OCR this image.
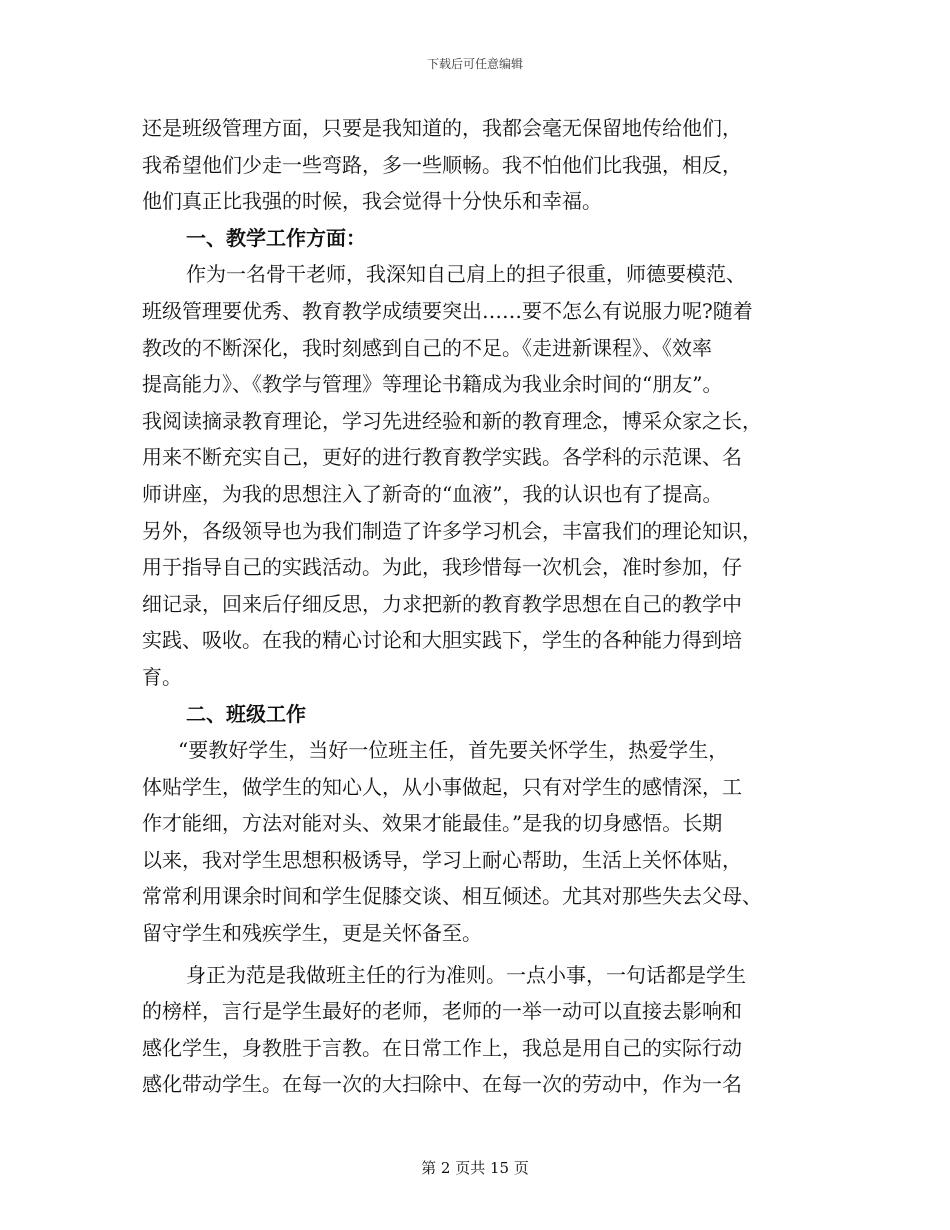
下载后可任意编辑
还是班级管理方面，只要是我知道的，我都会毫无保留地传给他们，
我希望他们少走一些弯路，多一些顺畅。我不怕他们比我强，相反，
他们真正比我强的时候，我会觉得十分快乐和幸福。
一、教学工作方面：
作为一名骨干老师，我深知自己肩上的担子很重，师德要模范、
班级管理要优秀、教育教学成绩要突出……要不怎么有说服力呢?随着
教改的不断深化，我时刻感到自己的不足。《走进新课程》、《效率
提高能力》、《教学与管理》等理论书籍成为我业余时间的“朋友”。
我阅读摘录教育理论，学习先进经验和新的教育理念，博采众家之长，
用来不断充实自己，更好的进行教育教学实践。各学科的示范课、名
师讲座，为我的思想注入了新奇的“血液”，我的认识也有了提高。
另外，各级领导也为我们制造了许多学习机会，丰富我们的理论知识，
用于指导自己的实践活动。为此，我珍惜每一次机会，准时参加，仔
细记录，回来后仔细反思，力求把新的教育教学思想在自己的教学中
实践、吸收。在我的精心讨论和大胆实践下，学生的各种能力得到培
育。
二、班级工作
“要教好学生，当好一位班主任，首先要关怀学生，热爱学生，
体贴学生，做学生的知心人，从小事做起，只有对学生的感情深，工
作才能细，方法对能对头、效果才能最佳。”是我的切身感悟。长期
以来，我对学生思想积极诱导，学习上耐心帮助，生活上关怀体贴，
常常利用课余时间和学生促膝交谈、相互倾述。尤其对那些失去父母、
留守学生和残疾学生，更是关怀备至。
身正为范是我做班主任的行为准则。一点小事，一句话都是学生
的榜样，言行是学生最好的老师，老师的一举一动可以直接去影响和
感化学生，身教胜于言教。在日常工作上，我总是用自己的实际行动
感化带动学生。在每一次的大扫除中、在每一次的劳动中，作为一名
第 2 页共 15 页
